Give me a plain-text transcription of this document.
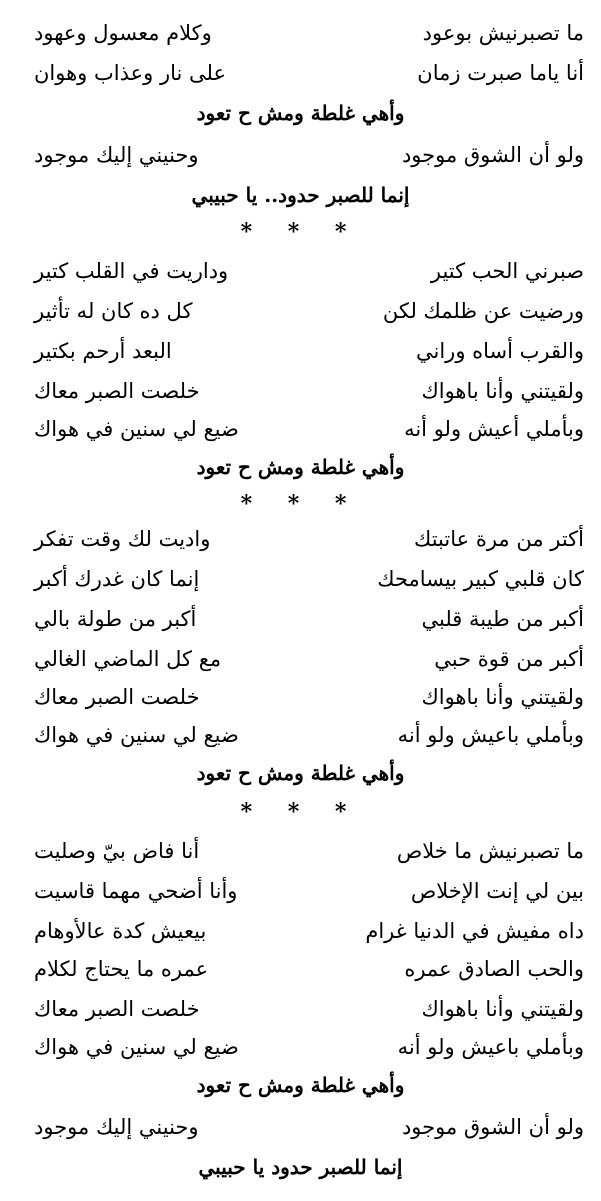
ما تصبرنيش بوعود
وكلام معسول وعهود
أنا ياما صبرت زمان
على نار وعذاب وهوان
وأهي غلطة ومش ح تعود
ولو أن الشوق موجود
وحنيني إليك موجود
إنما للصبر حدود.. يا حبيبي
* * *
صبرني الحب كتير
وداريت في القلب كتير
ورضيت عن ظلمك لكن
كل ده كان له تأثير
والقرب أساه وراني
البعد أرحم بكتير
ولقيتني وأنا باهواك
خلصت الصبر معاك
وبأملي أعيش ولو أنه
ضيع لي سنين في هواك
وأهي غلطة ومش ح تعود
* * *
أكتر من مرة عاتبتك
واديت لك وقت تفكر
كان قلبي كبير بيسامحك
إنما كان غدرك أكبر
أكبر من طيبة قلبي
أكبر من طولة بالي
أكبر من قوة حبي
مع كل الماضي الغالي
ولقيتني وأنا باهواك
خلصت الصبر معاك
وبأملي باعيش ولو أنه
ضيع لي سنين في هواك
وأهي غلطة ومش ح تعود
* * *
ما تصبرنيش ما خلاص
أنا فاض بيّ وصليت
بين لي إنت الإخلاص
وأنا أضحي مهما قاسيت
داه مفيش في الدنيا غرام
بيعيش كدة عالأوهام
والحب الصادق عمره
عمره ما يحتاج لكلام
ولقيتني وأنا باهواك
خلصت الصبر معاك
وبأملي باعيش ولو أنه
ضيع لي سنين في هواك
وأهي غلطة ومش ح تعود
ولو أن الشوق موجود
وحنيني إليك موجود
إنما للصبر حدود يا حبيبي
